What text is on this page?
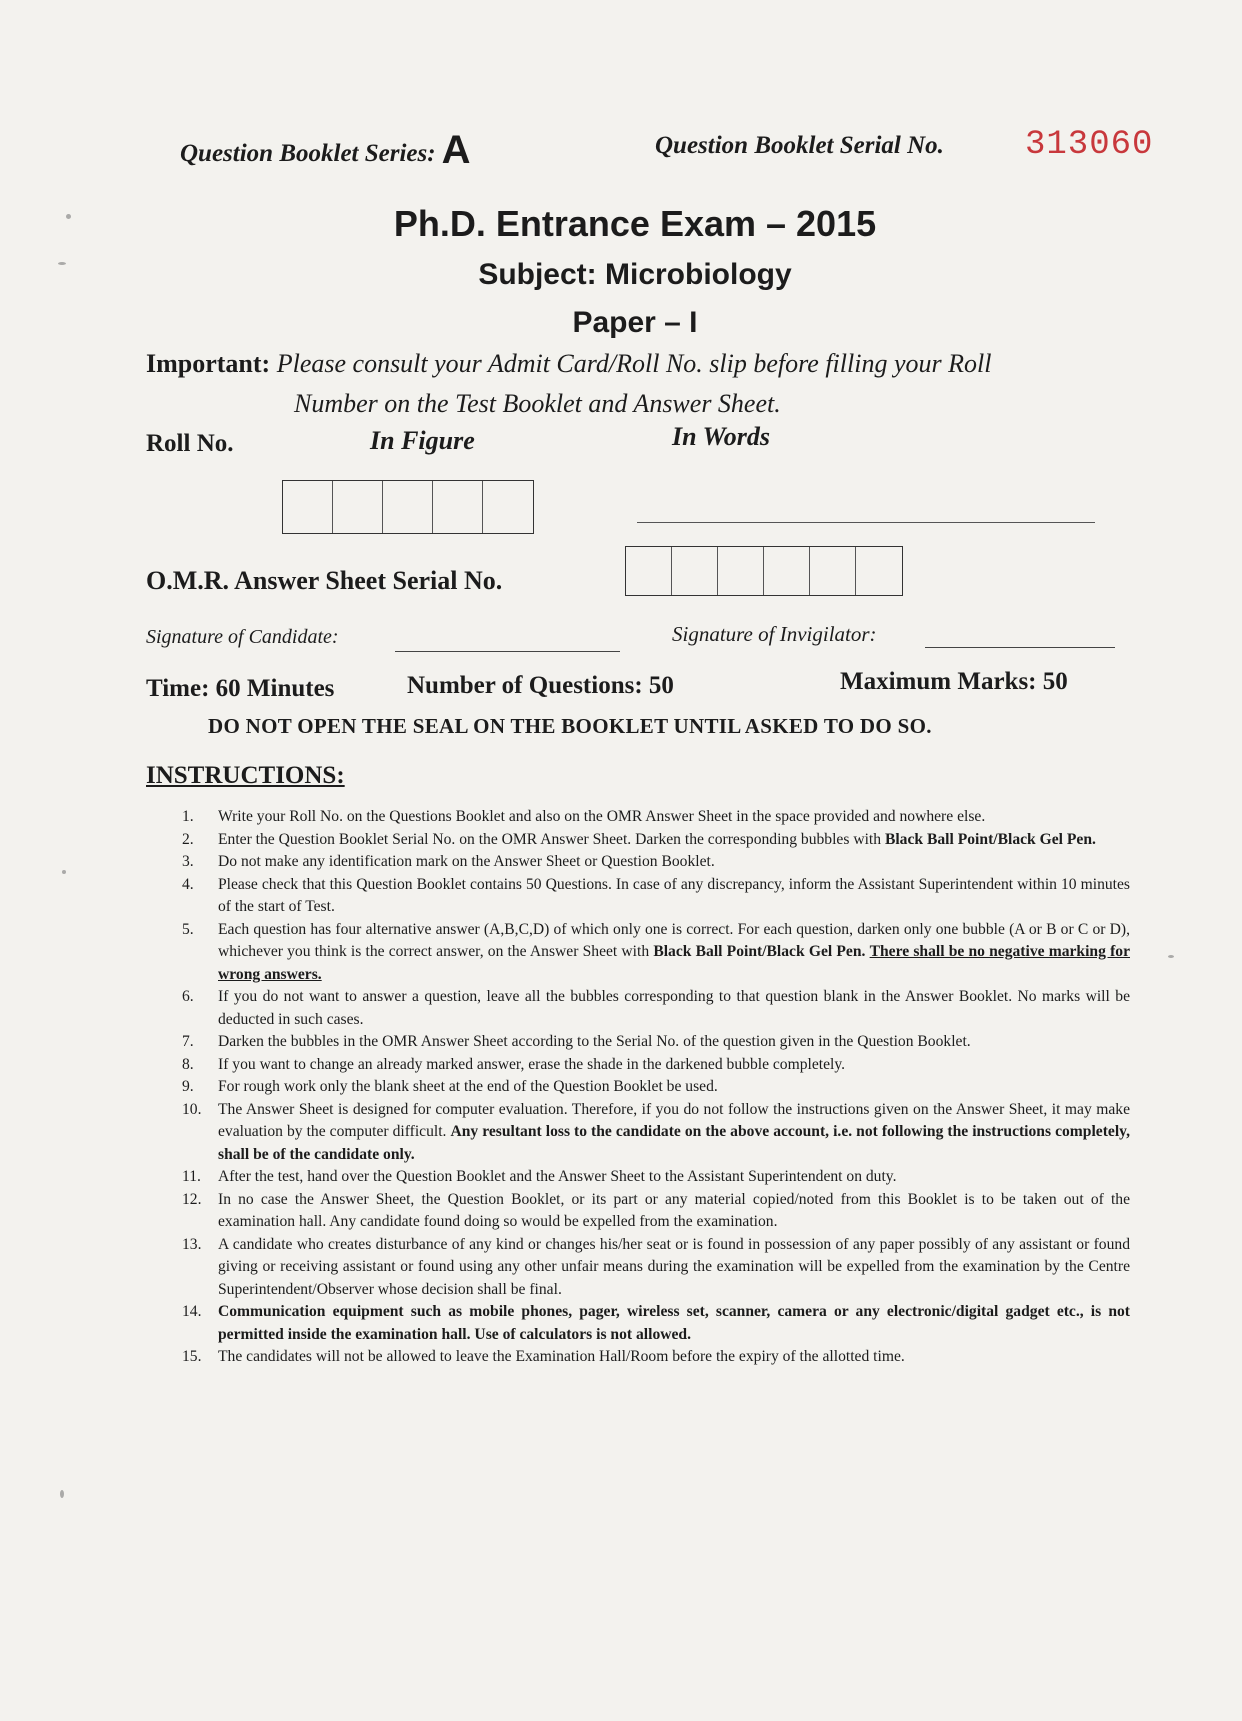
Question Booklet Series: A	Question Booklet Serial No. 313060
Ph.D. Entrance Exam – 2015
Subject: Microbiology
Paper – I
Important: Please consult your Admit Card/Roll No. slip before filling your Roll
Number on the Test Booklet and Answer Sheet.
Roll No.	In Figure	In Words
O.M.R. Answer Sheet Serial No.
Signature of Candidate:	Signature of Invigilator:
Time: 60 Minutes	Number of Questions: 50	Maximum Marks: 50
DO NOT OPEN THE SEAL ON THE BOOKLET UNTIL ASKED TO DO SO.
INSTRUCTIONS:
1.	Write your Roll No. on the Questions Booklet and also on the OMR Answer Sheet in the space provided and nowhere else.
2.	Enter the Question Booklet Serial No. on the OMR Answer Sheet. Darken the corresponding bubbles with Black Ball Point/Black Gel Pen.
3.	Do not make any identification mark on the Answer Sheet or Question Booklet.
4.	Please check that this Question Booklet contains 50 Questions. In case of any discrepancy, inform the Assistant Superintendent within 10 minutes of the start of Test.
5.	Each question has four alternative answer (A,B,C,D) of which only one is correct. For each question, darken only one bubble (A or B or C or D), whichever you think is the correct answer, on the Answer Sheet with Black Ball Point/Black Gel Pen. There shall be no negative marking for wrong answers.
6.	If you do not want to answer a question, leave all the bubbles corresponding to that question blank in the Answer Booklet. No marks will be deducted in such cases.
7.	Darken the bubbles in the OMR Answer Sheet according to the Serial No. of the question given in the Question Booklet.
8.	If you want to change an already marked answer, erase the shade in the darkened bubble completely.
9.	For rough work only the blank sheet at the end of the Question Booklet be used.
10.	The Answer Sheet is designed for computer evaluation. Therefore, if you do not follow the instructions given on the Answer Sheet, it may make evaluation by the computer difficult. Any resultant loss to the candidate on the above account, i.e. not following the instructions completely, shall be of the candidate only.
11.	After the test, hand over the Question Booklet and the Answer Sheet to the Assistant Superintendent on duty.
12.	In no case the Answer Sheet, the Question Booklet, or its part or any material copied/noted from this Booklet is to be taken out of the examination hall. Any candidate found doing so would be expelled from the examination.
13.	A candidate who creates disturbance of any kind or changes his/her seat or is found in possession of any paper possibly of any assistant or found giving or receiving assistant or found using any other unfair means during the examination will be expelled from the examination by the Centre Superintendent/Observer whose decision shall be final.
14.	Communication equipment such as mobile phones, pager, wireless set, scanner, camera or any electronic/digital gadget etc., is not permitted inside the examination hall. Use of calculators is not allowed.
15.	The candidates will not be allowed to leave the Examination Hall/Room before the expiry of the allotted time.
